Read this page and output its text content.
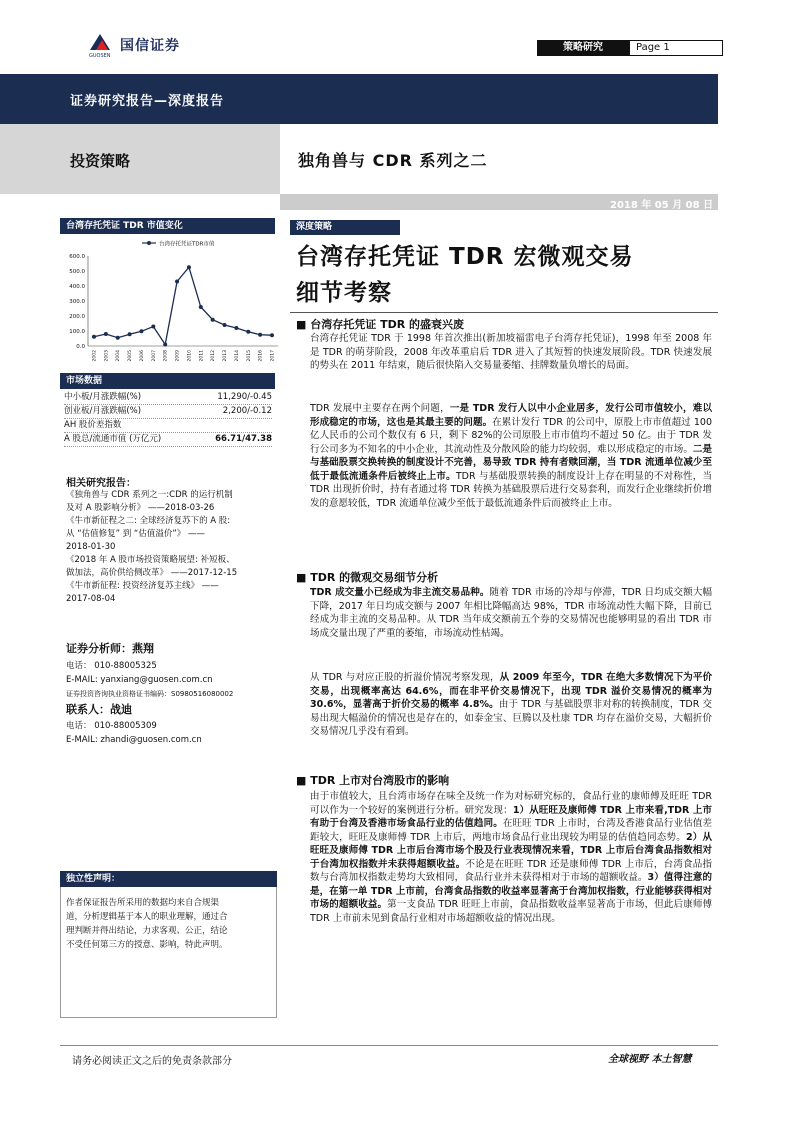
国信证券
GUOSEN
策略研究	Page 1
证券研究报告—深度报告
投资策略	独角兽与 CDR 系列之二
2018 年 05 月 08 日
台湾存托凭证 TDR 市值变化
台湾存托凭证TDR市值
600.0
500.0
400.0
300.0
200.0
100.0
0.0
2002 2003 2004 2005 2006 2007 2008 2009 2010 2011 2012 2013 2014 2015 2016 2017
市场数据
中小板/月涨跌幅(%)	11,290/-0.45
创业板/月涨跌幅(%)	2,200/-0.12
AH 股价差指数
A 股总/流通市值 (万亿元)	66.71/47.38
相关研究报告：
《独角兽与 CDR 系列之一:CDR 的运行机制
及对 A 股影响分析》 ——2018-03-26
《牛市新征程之二: 全球经济复苏下的 A 股:
从 “估值修复” 到 “估值溢价”》 ——
2018-01-30
《2018 年 A 股市场投资策略展望: 补短板、
做加法，高价供给侧改革》 ——2017-12-15
《牛市新征程: 投资经济复苏主线》 ——
2017-08-04
证券分析师：燕翔
电话： 010-88005325
E-MAIL: yanxiang@guosen.com.cn
证券投资咨询执业资格证书编码：S0980516080002
联系人：战迪
电话： 010-88005309
E-MAIL: zhandi@guosen.com.cn
独立性声明：
作者保证报告所采用的数据均来自合规渠
道，分析逻辑基于本人的职业理解，通过合
理判断并得出结论，力求客观、公正，结论
不受任何第三方的授意、影响，特此声明。
深度策略
台湾存托凭证 TDR 宏微观交易
细节考察
■ 台湾存托凭证 TDR 的盛衰兴废
台湾存托凭证 TDR 于 1998 年首次推出(新加坡福雷电子台湾存托凭证)，1998 年至 2008 年是 TDR 的萌芽阶段，2008 年改革重启后 TDR 进入了其短暂的快速发展阶段。TDR 快速发展的势头在 2011 年结束，随后很快陷入交易量萎缩、挂牌数量负增长的局面。
TDR 发展中主要存在两个问题，一是 TDR 发行人以中小企业居多，发行公司市值较小，难以形成稳定的市场，这也是其最主要的问题。在累计发行 TDR 的公司中，原股上市市值超过 100 亿人民币的公司个数仅有 6 只，剩下 82%的公司原股上市市值均不超过 50 亿。由于 TDR 发行公司多为不知名的中小企业，其流动性及分散风险的能力均较弱，难以形成稳定的市场。二是与基础股票交换转换的制度设计不完善，易导致 TDR 持有者赎回潮，当 TDR 流通单位减少至低于最低流通条件后被终止上市。TDR 与基础股票转换的制度设计上存在明显的不对称性，当 TDR 出现折价时，持有者通过将 TDR 转换为基础股票后进行交易套利，而发行企业继续折价增发的意愿较低，TDR 流通单位减少至低于最低流通条件后而被终止上市。
■ TDR 的微观交易细节分析
TDR 成交量小已经成为非主流交易品种。随着 TDR 市场的冷却与停滞，TDR 日均成交额大幅下降，2017 年日均成交额与 2007 年相比降幅高达 98%，TDR 市场流动性大幅下降，目前已经成为非主流的交易品种。从 TDR 当年成交额前五个券的交易情况也能够明显的看出 TDR 市场成交量出现了严重的萎缩，市场流动性枯竭。
从 TDR 与对应正股的折溢价情况考察发现，从 2009 年至今，TDR 在绝大多数情况下为平价交易，出现概率高达 64.6%，而在非平价交易情况下，出现 TDR 溢价交易情况的概率为 30.6%，显著高于折价交易的概率 4.8%。由于 TDR 与基础股票非对称的转换制度，TDR 交易出现大幅溢价的情况也是存在的，如泰金宝、巨腾以及杜康 TDR 均存在溢价交易，大幅折价交易情况几乎没有看到。
■ TDR 上市对台湾股市的影响
由于市值较大，且台湾市场存在味全及统一作为对标研究标的，食品行业的康师傅及旺旺 TDR 可以作为一个较好的案例进行分析。研究发现：1）从旺旺及康师傅 TDR 上市来看,TDR 上市有助于台湾及香港市场食品行业的估值趋同。在旺旺 TDR 上市时，台湾及香港食品行业估值差距较大，旺旺及康师傅 TDR 上市后，两地市场食品行业出现较为明显的估值趋同态势。2）从旺旺及康师傅 TDR 上市后台湾市场个股及行业表现情况来看，TDR 上市后台湾食品指数相对于台湾加权指数并未获得超额收益。不论是在旺旺 TDR 还是康师傅 TDR 上市后，台湾食品指数与台湾加权指数走势均大致相同，食品行业并未获得相对于市场的超额收益。3）值得注意的是，在第一单 TDR 上市前，台湾食品指数的收益率显著高于台湾加权指数，行业能够获得相对市场的超额收益。第一支食品 TDR 旺旺上市前，食品指数收益率显著高于市场，但此后康师傅 TDR 上市前未见到食品行业相对市场超额收益的情况出现。
请务必阅读正文之后的免责条款部分	全球视野 本土智慧
